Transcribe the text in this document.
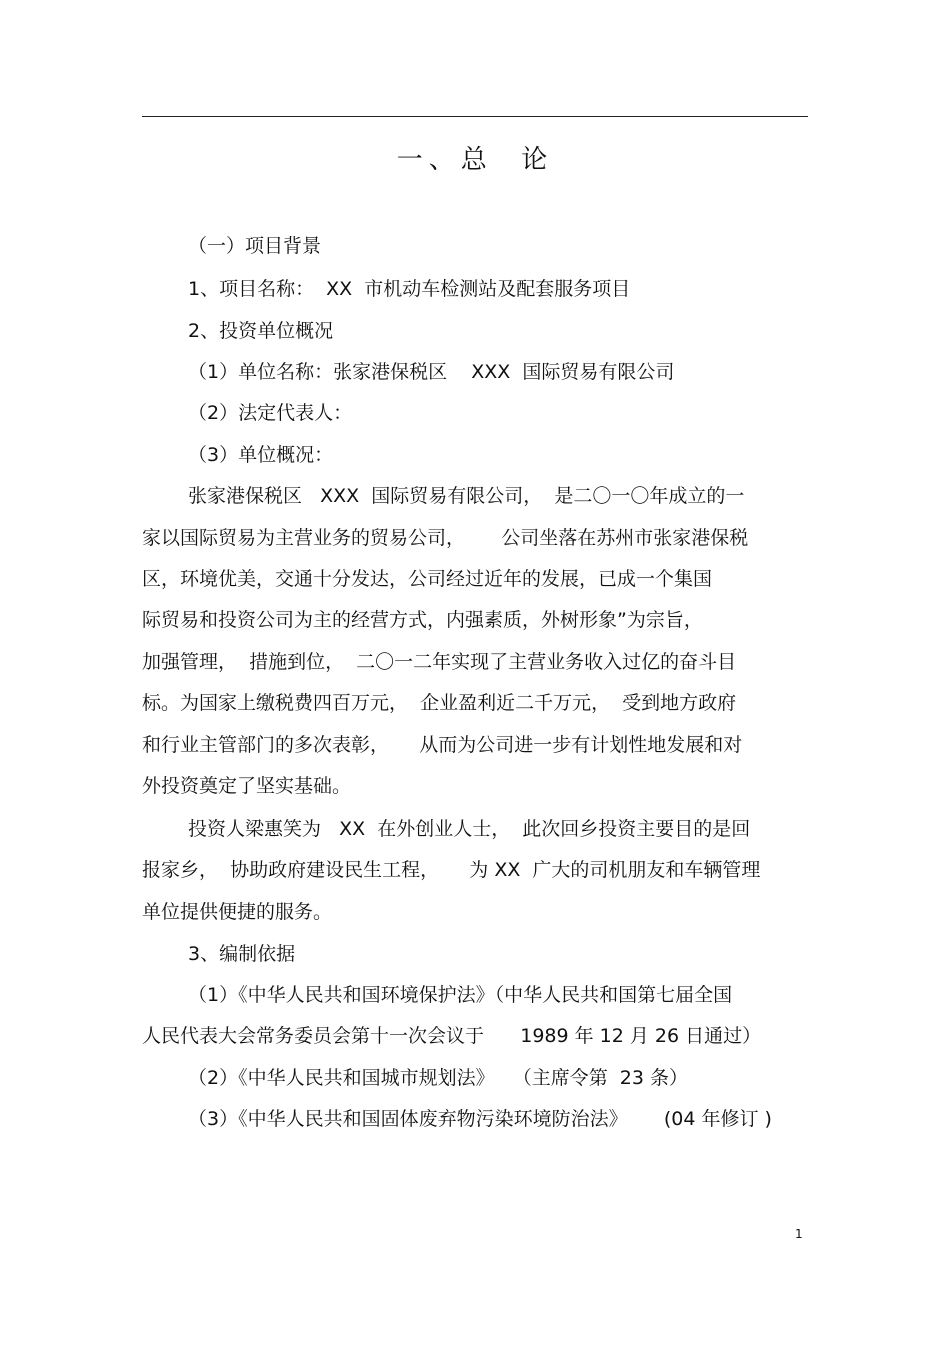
一、总  论
（一）项目背景
1、项目名称：  XX  市机动车检测站及配套服务项目
2、投资单位概况
（1）单位名称：张家港保税区    XXX  国际贸易有限公司
（2）法定代表人：
（3）单位概况：
张家港保税区   XXX  国际贸易有限公司，  是二〇一〇年成立的一
家以国际贸易为主营业务的贸易公司，      公司坐落在苏州市张家港保税
区，环境优美，交通十分发达，公司经过近年的发展，已成一个集国
际贸易和投资公司为主的经营方式，内强素质，外树形象”为宗旨，
加强管理，  措施到位，  二〇一二年实现了主营业务收入过亿的奋斗目
标。为国家上缴税费四百万元，  企业盈利近二千万元，  受到地方政府
和行业主管部门的多次表彰，     从而为公司进一步有计划性地发展和对
外投资奠定了坚实基础。
投资人梁惠笑为   XX  在外创业人士，  此次回乡投资主要目的是回
报家乡，  协助政府建设民生工程，     为 XX  广大的司机朋友和车辆管理
单位提供便捷的服务。
3、编制依据
（1）《中华人民共和国环境保护法》（中华人民共和国第七届全国
人民代表大会常务委员会第十一次会议于      1989 年 12 月 26 日通过）
（2）《中华人民共和国城市规划法》   （主席令第  23 条）
（3）《中华人民共和国固体废弃物污染环境防治法》      (04 年修订 )
1
